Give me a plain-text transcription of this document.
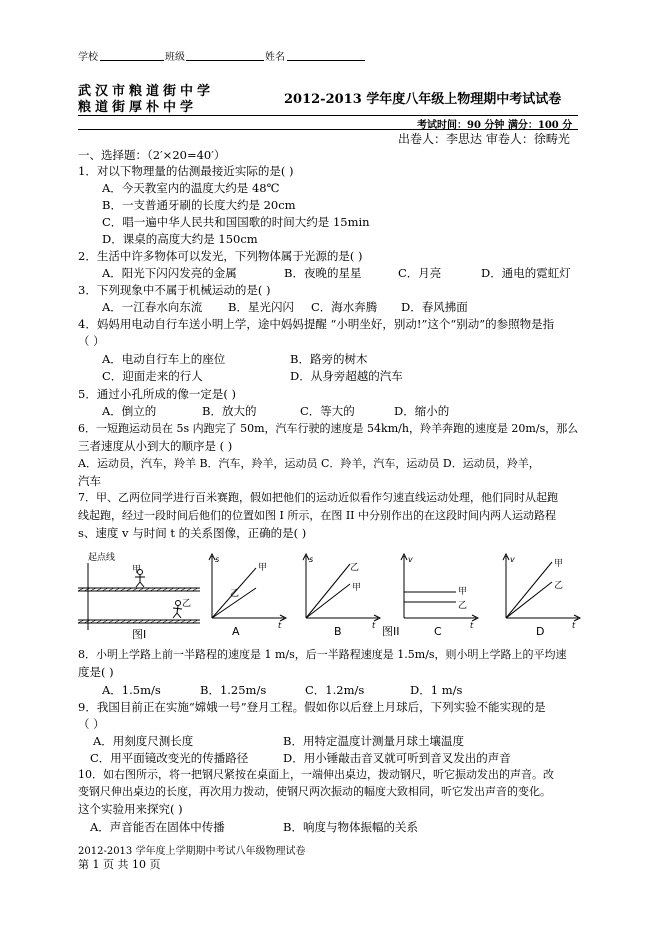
学校	班级	姓名
武汉市粮道街中学
粮道街厚朴中学
2012-2013 学年度八年级上物理期中考试试卷
考试时间：90 分钟 满分：100 分
出卷人：李思达 审卷人：徐畴光
一、选择题：（2′×20=40′）
1．对以下物理量的估测最接近实际的是( )
A．今天教室内的温度大约是 48℃
B．一支普通牙刷的长度大约是 20cm
C．唱一遍中华人民共和国国歌的时间大约是 15min
D．课桌的高度大约是 150cm
2．生活中许多物体可以发光，下列物体属于光源的是( )
A．阳光下闪闪发亮的金属	B．夜晚的星星	C．月亮	D．通电的霓虹灯
3．下列现象中不属于机械运动的是( )
A．一江春水向东流 B．星光闪闪 C．海水奔腾 D．春风拂面
4．妈妈用电动自行车送小明上学，途中妈妈提醒 “小明坐好，别动!”这个“别动”的参照物是指
（ ）
A．电动自行车上的座位	B．路旁的树木
C．迎面走来的行人	D．从身旁超越的汽车
5．通过小孔所成的像一定是( )
A．倒立的	B．放大的	C．等大的	D．缩小的
6．一短跑运动员在 5s 内跑完了 50m，汽车行驶的速度是 54km/h，羚羊奔跑的速度是 20m/s，那么
三者速度从小到大的顺序是 ( )
A．运动员，汽车，羚羊 B．汽车，羚羊，运动员 C．羚羊，汽车，运动员 D．运动员，羚羊，
汽车
7．甲、乙两位同学进行百米赛跑，假如把他们的运动近似看作匀速直线运动处理，他们同时从起跑
线起跑，经过一段时间后他们的位置如图 I 所示，在图 II 中分别作出的在这段时间内两人运动路程
s、速度 v 与时间 t 的关系图像，正确的是( )
起点线
甲
乙
图I
s
t
甲
乙
A
s
t
乙
甲
B	图II
v
t
甲
乙
C
v
t
甲
乙
D
8．小明上学路上前一半路程的速度是 1 m/s，后一半路程速度是 1.5m/s，则小明上学路上的平均速
度是( )
A．1.5m/s	B．1.25m/s	C．1.2m/s	D．1 m/s
9．我国目前正在实施“嫦娥一号”登月工程。假如你以后登上月球后，下列实验不能实现的是
（ ）
A．用刻度尺测长度	B．用特定温度计测量月球土壤温度
C．用平面镜改变光的传播路径	D．用小锤敲击音叉就可听到音叉发出的声音
10．如右图所示，将一把钢尺紧按在桌面上，一端伸出桌边，拨动钢尺，听它振动发出的声音。改
变钢尺伸出桌边的长度，再次用力拨动，使钢尺两次振动的幅度大致相同，听它发出声音的变化。
这个实验用来探究( )
A．声音能否在固体中传播	B．响度与物体振幅的关系
2012-2013 学年度上学期期中考试八年级物理试卷
第 1 页 共 10 页
